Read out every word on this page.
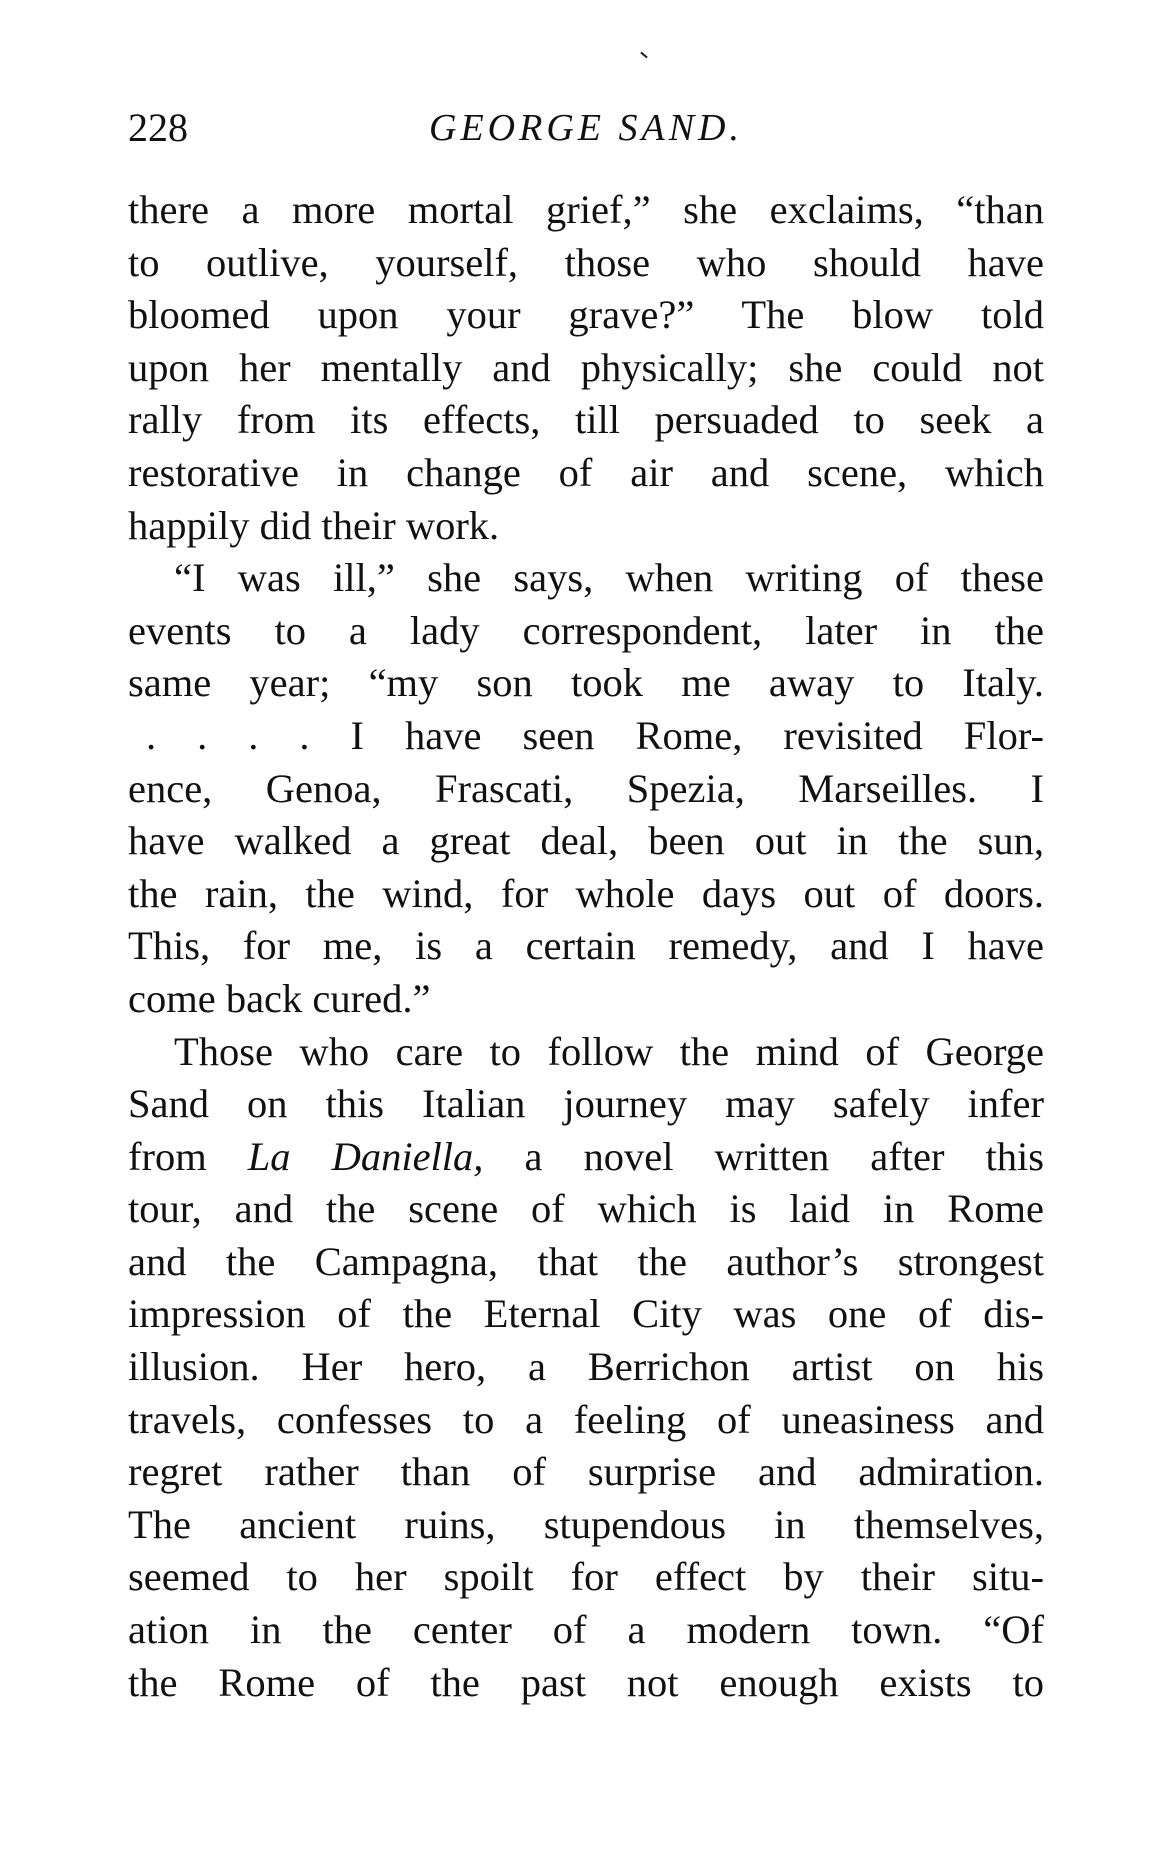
228	GEORGE SAND.
there a more mortal grief,” she exclaims, “than
to outlive, yourself, those who should have
bloomed upon your grave?” The blow told
upon her mentally and physically; she could not
rally from its effects, till persuaded to seek a
restorative in change of air and scene, which
happily did their work.
“I was ill,” she says, when writing of these
events to a lady correspondent, later in the
same year; “my son took me away to Italy.
. . . . I have seen Rome, revisited Flor-
ence, Genoa, Frascati, Spezia, Marseilles. I
have walked a great deal, been out in the sun,
the rain, the wind, for whole days out of doors.
This, for me, is a certain remedy, and I have
come back cured.”
Those who care to follow the mind of George
Sand on this Italian journey may safely infer
from La Daniella, a novel written after this
tour, and the scene of which is laid in Rome
and the Campagna, that the author’s strongest
impression of the Eternal City was one of dis-
illusion. Her hero, a Berrichon artist on his
travels, confesses to a feeling of uneasiness and
regret rather than of surprise and admiration.
The ancient ruins, stupendous in themselves,
seemed to her spoilt for effect by their situ-
ation in the center of a modern town. “Of
the Rome of the past not enough exists to
